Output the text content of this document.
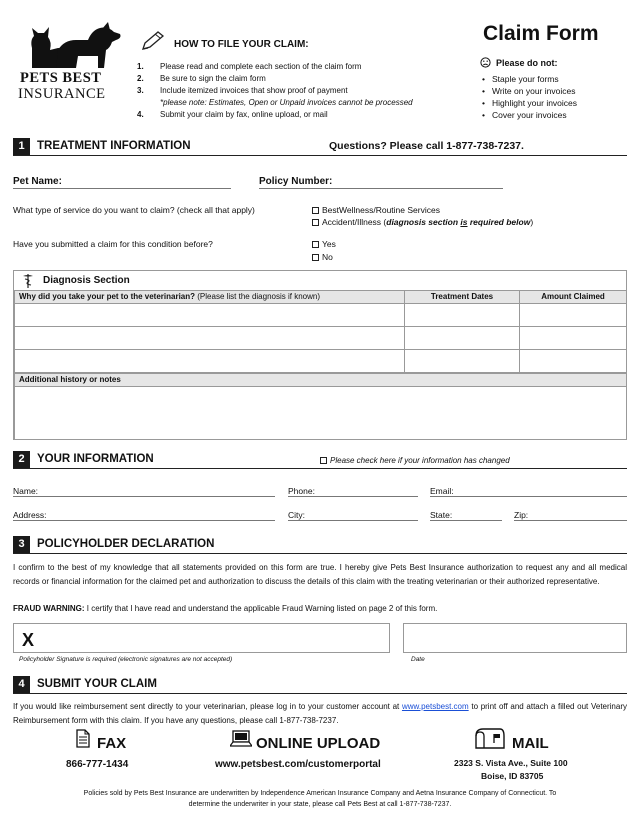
PETS BEST
INSURANCE
HOW TO FILE YOUR CLAIM:
1. Please read and complete each section of the claim form
2. Be sure to sign the claim form
3. Include itemized invoices that show proof of payment
*please note: Estimates, Open or Unpaid invoices cannot be processed
4. Submit your claim by fax, online upload, or mail
Claim Form
Please do not:
• Staple your forms
• Write on your invoices
• Highlight your invoices
• Cover your invoices
1	TREATMENT INFORMATION	Questions? Please call 1-877-738-7237.
Pet Name:	Policy Number:
What type of service do you want to claim? (check all that apply)	BestWellness/Routine Services
Accident/Illness (diagnosis section is required below)
Have you submitted a claim for this condition before?	Yes
No
Diagnosis Section
Why did you take your pet to the veterinarian? (Please list the diagnosis if known)	Treatment Dates	Amount Claimed
Additional history or notes
2	YOUR INFORMATION	Please check here if your information has changed
Name:	Phone:	Email:
Address:	City:	State:	Zip:
3	POLICYHOLDER DECLARATION
I confirm to the best of my knowledge that all statements provided on this form are true. I hereby give Pets Best Insurance authorization to request any and all medical records or financial information for the claimed pet and authorization to discuss the details of this claim with the treating veterinarian or their authorized representative.
FRAUD WARNING: I certify that I have read and understand the applicable Fraud Warning listed on page 2 of this form.
X
Policyholder Signature is required (electronic signatures are not accepted)	Date
4	SUBMIT YOUR CLAIM
If you would like reimbursement sent directly to your veterinarian, please log in to your customer account at www.petsbest.com to print off and attach a filled out Veterinary Reimbursement form with this claim. If you have any questions, please call 1-877-738-7237.
FAX
866-777-1434
ONLINE UPLOAD
www.petsbest.com/customerportal
MAIL
2323 S. Vista Ave., Suite 100
Boise, ID 83705
Policies sold by Pets Best Insurance are underwritten by Independence American Insurance Company and Aetna Insurance Company of Connecticut. To
determine the underwriter in your state, please call Pets Best at call 1-877-738-7237.
